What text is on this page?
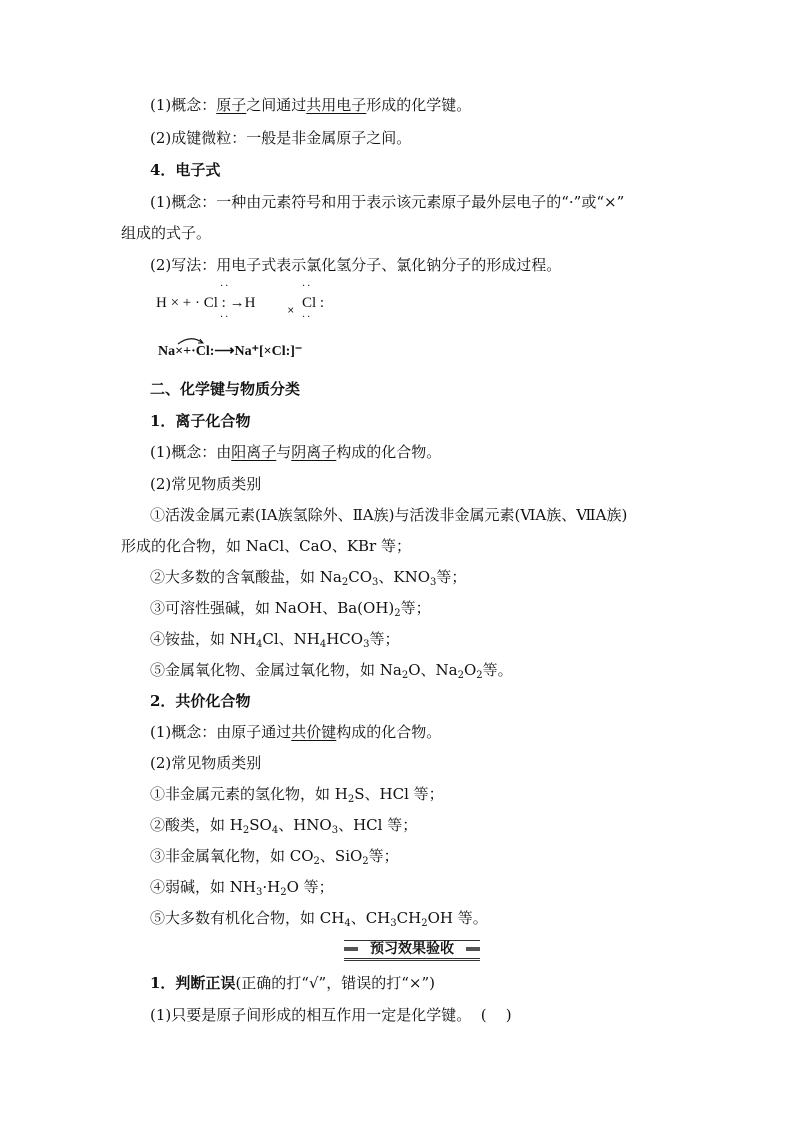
(1)概念：原子之间通过共用电子形成的化学键。
(2)成键微粒：一般是非金属原子之间。
4．电子式
(1)概念：一种由元素符号和用于表示该元素原子最外层电子的“·”或“×”
组成的式子。
(2)写法：用电子式表示氯化氢分子、氯化钠分子的形成过程。
··	··
H × + · Cl : →H	Cl :
×
··	··
Na×+·Cl:⟶Na⁺[×Cl:]⁻
二、化学键与物质分类
1．离子化合物
(1)概念：由阳离子与阴离子构成的化合物。
(2)常见物质类别
①活泼金属元素(ⅠA族氢除外、ⅡA族)与活泼非金属元素(ⅥA族、ⅦA族)
形成的化合物，如 NaCl、CaO、KBr 等；
②大多数的含氧酸盐，如 $Na_2CO_3$、$KNO_3$等；
③可溶性强碱，如 NaOH、$Ba(OH)_2$等；
④铵盐，如 $NH_4Cl$、$NH_4HCO_3$等；
⑤金属氧化物、金属过氧化物，如 $Na_2O$、$Na_2O_2$等。
2．共价化合物
(1)概念：由原子通过共价键构成的化合物。
(2)常见物质类别
①非金属元素的氢化物，如 $H_2S$、HCl 等；
②酸类，如 $H_2SO_4$、$HNO_3$、HCl 等；
③非金属氧化物，如 $CO_2$、SiO$_2$等；
④弱碱，如 $NH_3\cdot H_2O$ 等；
⑤大多数有机化合物，如 $CH_4$、$CH_3CH_2OH$ 等。
预习效果验收
1．判断正误(正确的打“√”，错误的打“×”)
(1)只要是原子间形成的相互作用一定是化学键。  (    )
